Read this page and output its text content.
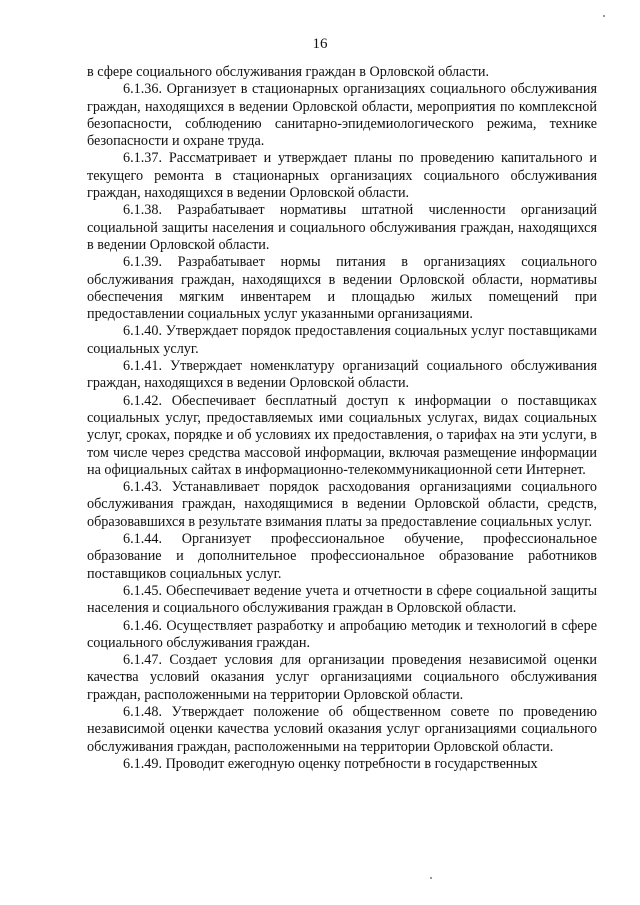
16

в сфере социального обслуживания граждан в Орловской области.

6.1.36. Организует в стационарных организациях социального обслуживания граждан, находящихся в ведении Орловской области, мероприятия по комплексной безопасности, соблюдению санитарно-эпидемиологического режима, технике безопасности и охране труда.

6.1.37. Рассматривает и утверждает планы по проведению капитального и текущего ремонта в стационарных организациях социального обслуживания граждан, находящихся в ведении Орловской области.

6.1.38. Разрабатывает нормативы штатной численности организаций социальной защиты населения и социального обслуживания граждан, находящихся в ведении Орловской области.

6.1.39. Разрабатывает нормы питания в организациях социального обслуживания граждан, находящихся в ведении Орловской области, нормативы обеспечения мягким инвентарем и площадью жилых помещений при предоставлении социальных услуг указанными организациями.

6.1.40. Утверждает порядок предоставления социальных услуг поставщиками социальных услуг.

6.1.41. Утверждает номенклатуру организаций социального обслуживания граждан, находящихся в ведении Орловской области.

6.1.42. Обеспечивает бесплатный доступ к информации о поставщиках социальных услуг, предоставляемых ими социальных услугах, видах социальных услуг, сроках, порядке и об условиях их предоставления, о тарифах на эти услуги, в том числе через средства массовой информации, включая размещение информации на официальных сайтах в информационно-телекоммуникационной сети Интернет.

6.1.43. Устанавливает порядок расходования организациями социального обслуживания граждан, находящимися в ведении Орловской области, средств, образовавшихся в результате взимания платы за предоставление социальных услуг.

6.1.44. Организует профессиональное обучение, профессиональное образование и дополнительное профессиональное образование работников поставщиков социальных услуг.

6.1.45. Обеспечивает ведение учета и отчетности в сфере социальной защиты населения и социального обслуживания граждан в Орловской области.

6.1.46. Осуществляет разработку и апробацию методик и технологий в сфере социального обслуживания граждан.

6.1.47. Создает условия для организации проведения независимой оценки качества условий оказания услуг организациями социального обслуживания граждан, расположенными на территории Орловской области.

6.1.48. Утверждает положение об общественном совете по проведению независимой оценки качества условий оказания услуг организациями социального обслуживания граждан, расположенными на территории Орловской области.

6.1.49. Проводит ежегодную оценку потребности в государственных
